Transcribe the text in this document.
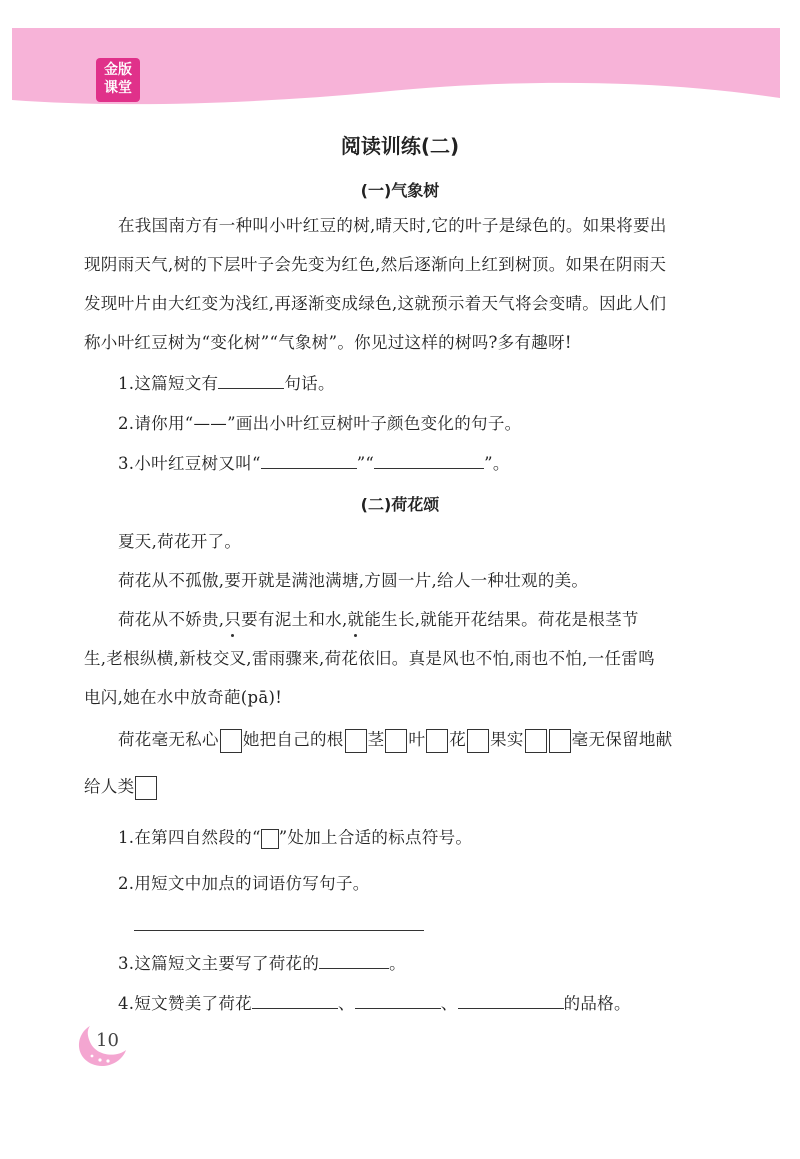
金版
课堂
阅读训练(二)
(一)气象树
在我国南方有一种叫小叶红豆的树,晴天时,它的叶子是绿色的。如果将要出
现阴雨天气,树的下层叶子会先变为红色,然后逐渐向上红到树顶。如果在阴雨天
发现叶片由大红变为浅红,再逐渐变成绿色,这就预示着天气将会变晴。因此人们
称小叶红豆树为“变化树”“气象树”。你见过这样的树吗?多有趣呀!
1.这篇短文有	句话。
2.请你用“——”画出小叶红豆树叶子颜色变化的句子。
3.小叶红豆树又叫“	”“	”。
(二)荷花颂
夏天,荷花开了。
荷花从不孤傲,要开就是满池满塘,方圆一片,给人一种壮观的美。
荷花从不娇贵,只要有泥土和水,就能生长,就能开花结果。荷花是根茎节
生,老根纵横,新枝交叉,雷雨骤来,荷花依旧。真是风也不怕,雨也不怕,一任雷鸣
电闪,她在水中放奇葩(pā)!
荷花毫无私心 她把自己的根 茎 叶 花 果实	毫无保留地献
给人类
1.在第四自然段的“ ”处加上合适的标点符号。
2.用短文中加点的词语仿写句子。
3.这篇短文主要写了荷花的	。
4.短文赞美了荷花	、	、	的品格。
10
